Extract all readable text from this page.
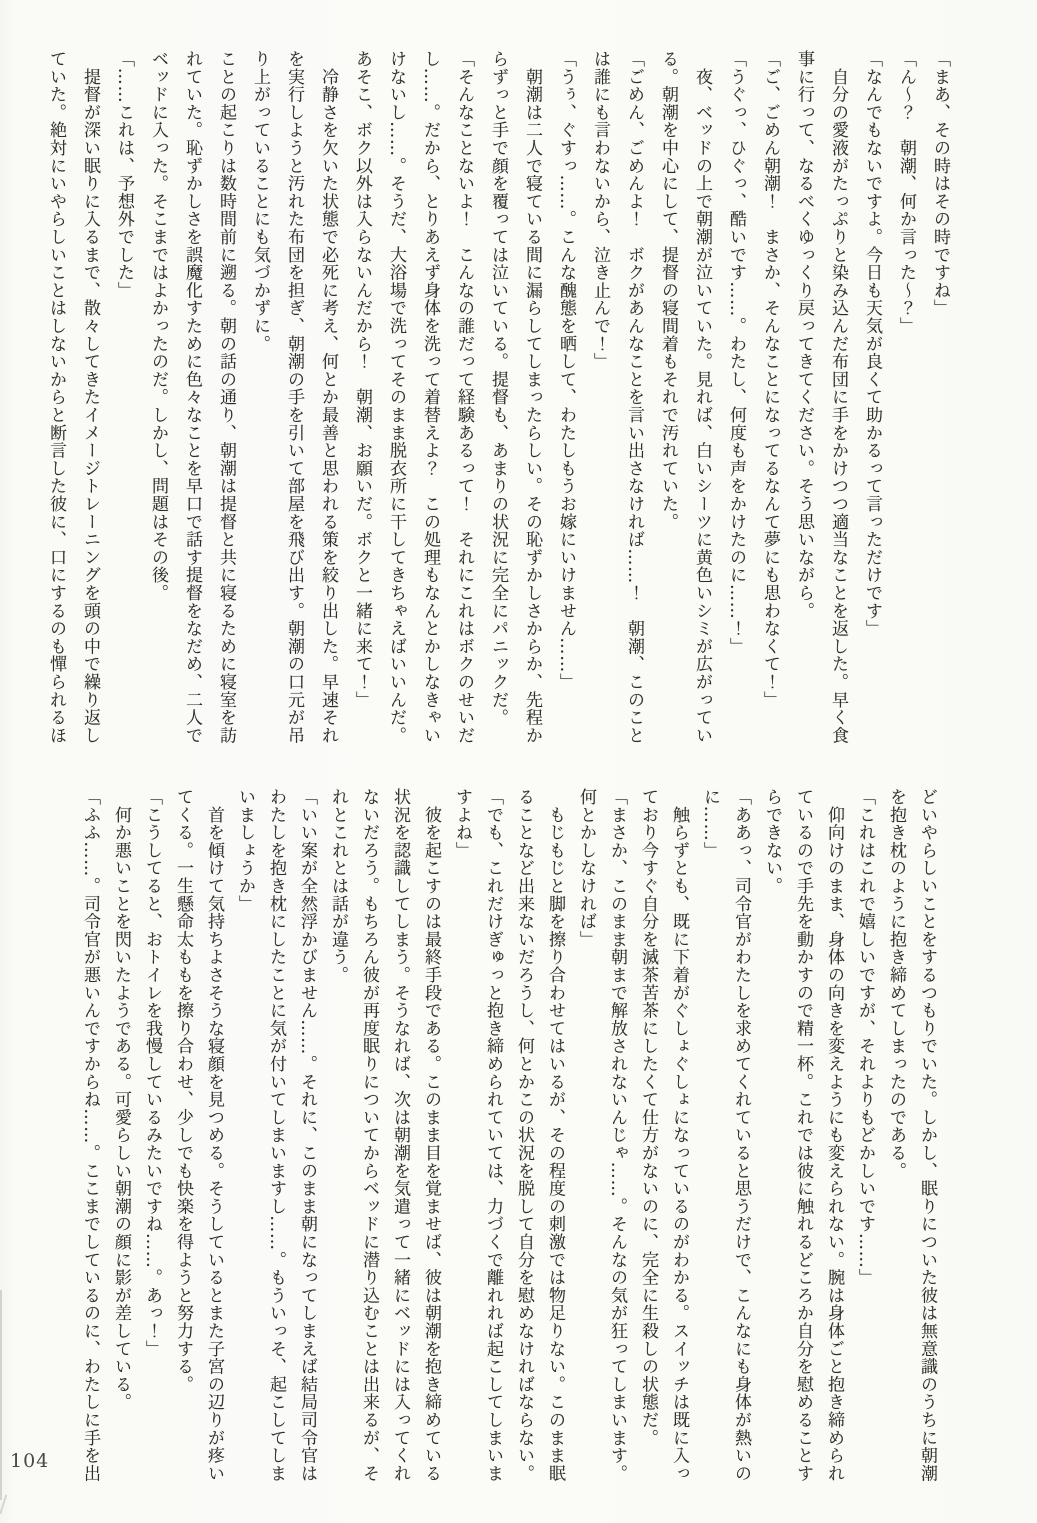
「まあ、その時はその時ですね」

「ん～？　朝潮、何か言った～？」

「なんでもないですよ。今日も天気が良くて助かるって言っただけです」

　自分の愛液がたっぷりと染み込んだ布団に手をかけつつ適当なことを返した。早く食

事に行って、なるべくゆっくり戻ってきてください。そう思いながら。

「ご、ごめん朝潮！　まさか、そんなことになってるなんて夢にも思わなくて！」

「うぐっ、ひぐっ、酷いです……。わたし、何度も声をかけたのに……！」

　夜、ベッドの上で朝潮が泣いていた。見れば、白いシーツに黄色いシミが広がってい

る。朝潮を中心にして、提督の寝間着もそれで汚れていた。

「ごめん、ごめんよ！　ボクがあんなことを言い出さなければ……！　朝潮、このこと

は誰にも言わないから、泣き止んで！」

「うぅ、ぐすっ……。こんな醜態を晒して、わたしもうお嫁にいけません……」

　朝潮は二人で寝ている間に漏らしてしまったらしい。その恥ずかしさからか、先程か

らずっと手で顔を覆っては泣いている。提督も、あまりの状況に完全にパニックだ。

「そんなことないよ！　こんなの誰だって経験あるって！　それにこれはボクのせいだ

し……。だから、とりあえず身体を洗って着替えよ？　この処理もなんとかしなきゃい

けないし……。そうだ、大浴場で洗ってそのまま脱衣所に干してきちゃえばいいんだ。

あそこ、ボク以外は入らないんだから！　朝潮、お願いだ。ボクと一緒に来て！」

　冷静さを欠いた状態で必死に考え、何とか最善と思われる策を絞り出した。早速それ

を実行しようと汚れた布団を担ぎ、朝潮の手を引いて部屋を飛び出す。朝潮の口元が吊

り上がっていることにも気づかずに。

ことの起こりは数時間前に遡る。朝の話の通り、朝潮は提督と共に寝るために寝室を訪

れていた。恥ずかしさを誤魔化すために色々なことを早口で話す提督をなだめ、二人で

ベッドに入った。そこまではよかったのだ。しかし、問題はその後。

「……これは、予想外でした」

　提督が深い眠りに入るまで、散々してきたイメージトレーニングを頭の中で繰り返し

ていた。絶対にいやらしいことはしないからと断言した彼に、口にするのも憚られるほ

どいやらしいことをするつもりでいた。しかし、眠りについた彼は無意識のうちに朝潮

を抱き枕のように抱き締めてしまったのである。

「これはこれで嬉しいですが、それよりもどかしいです……」

　仰向けのまま、身体の向きを変えようにも変えられない。腕は身体ごと抱き締められ

ているので手先を動かすので精一杯。これでは彼に触れるどころか自分を慰めることす

らできない。

「ああっ、司令官がわたしを求めてくれていると思うだけで、こんなにも身体が熱いの

に……」

　触らずとも、既に下着がぐしょぐしょになっているのがわかる。スイッチは既に入っ

ており今すぐ自分を滅茶苦茶にしたくて仕方がないのに、完全に生殺しの状態だ。

「まさか、このまま朝まで解放されないんじゃ……。そんなの気が狂ってしまいます。

何とかしなければ」

　もじもじと脚を擦り合わせてはいるが、その程度の刺激では物足りない。このまま眠

ることなど出来ないだろうし、何とかこの状況を脱して自分を慰めなければならない。

「でも、これだけぎゅっと抱き締められていては、力づくで離れれば起こしてしまいま

すよね」

　彼を起こすのは最終手段である。このまま目を覚ませば、彼は朝潮を抱き締めている

状況を認識してしまう。そうなれば、次は朝潮を気遣って一緒にベッドには入ってくれ

ないだろう。もちろん彼が再度眠りについてからベッドに潜り込むことは出来るが、そ

れとこれとは話が違う。

「いい案が全然浮かびません……。それに、このまま朝になってしまえば結局司令官は

わたしを抱き枕にしたことに気が付いてしまいますし……。もういっそ、起こしてしま

いましょうか」

　首を傾けて気持ちよさそうな寝顔を見つめる。そうしているとまた子宮の辺りが疼い

てくる。一生懸命太ももを擦り合わせ、少しでも快楽を得ようと努力する。

「こうしてると、おトイレを我慢しているみたいですね……。あっ！」

　何か悪いことを閃いたようである。可愛らしい朝潮の顔に影が差している。

「ふふ……。司令官が悪いんですからね……。ここまでしているのに、わたしに手を出

104
